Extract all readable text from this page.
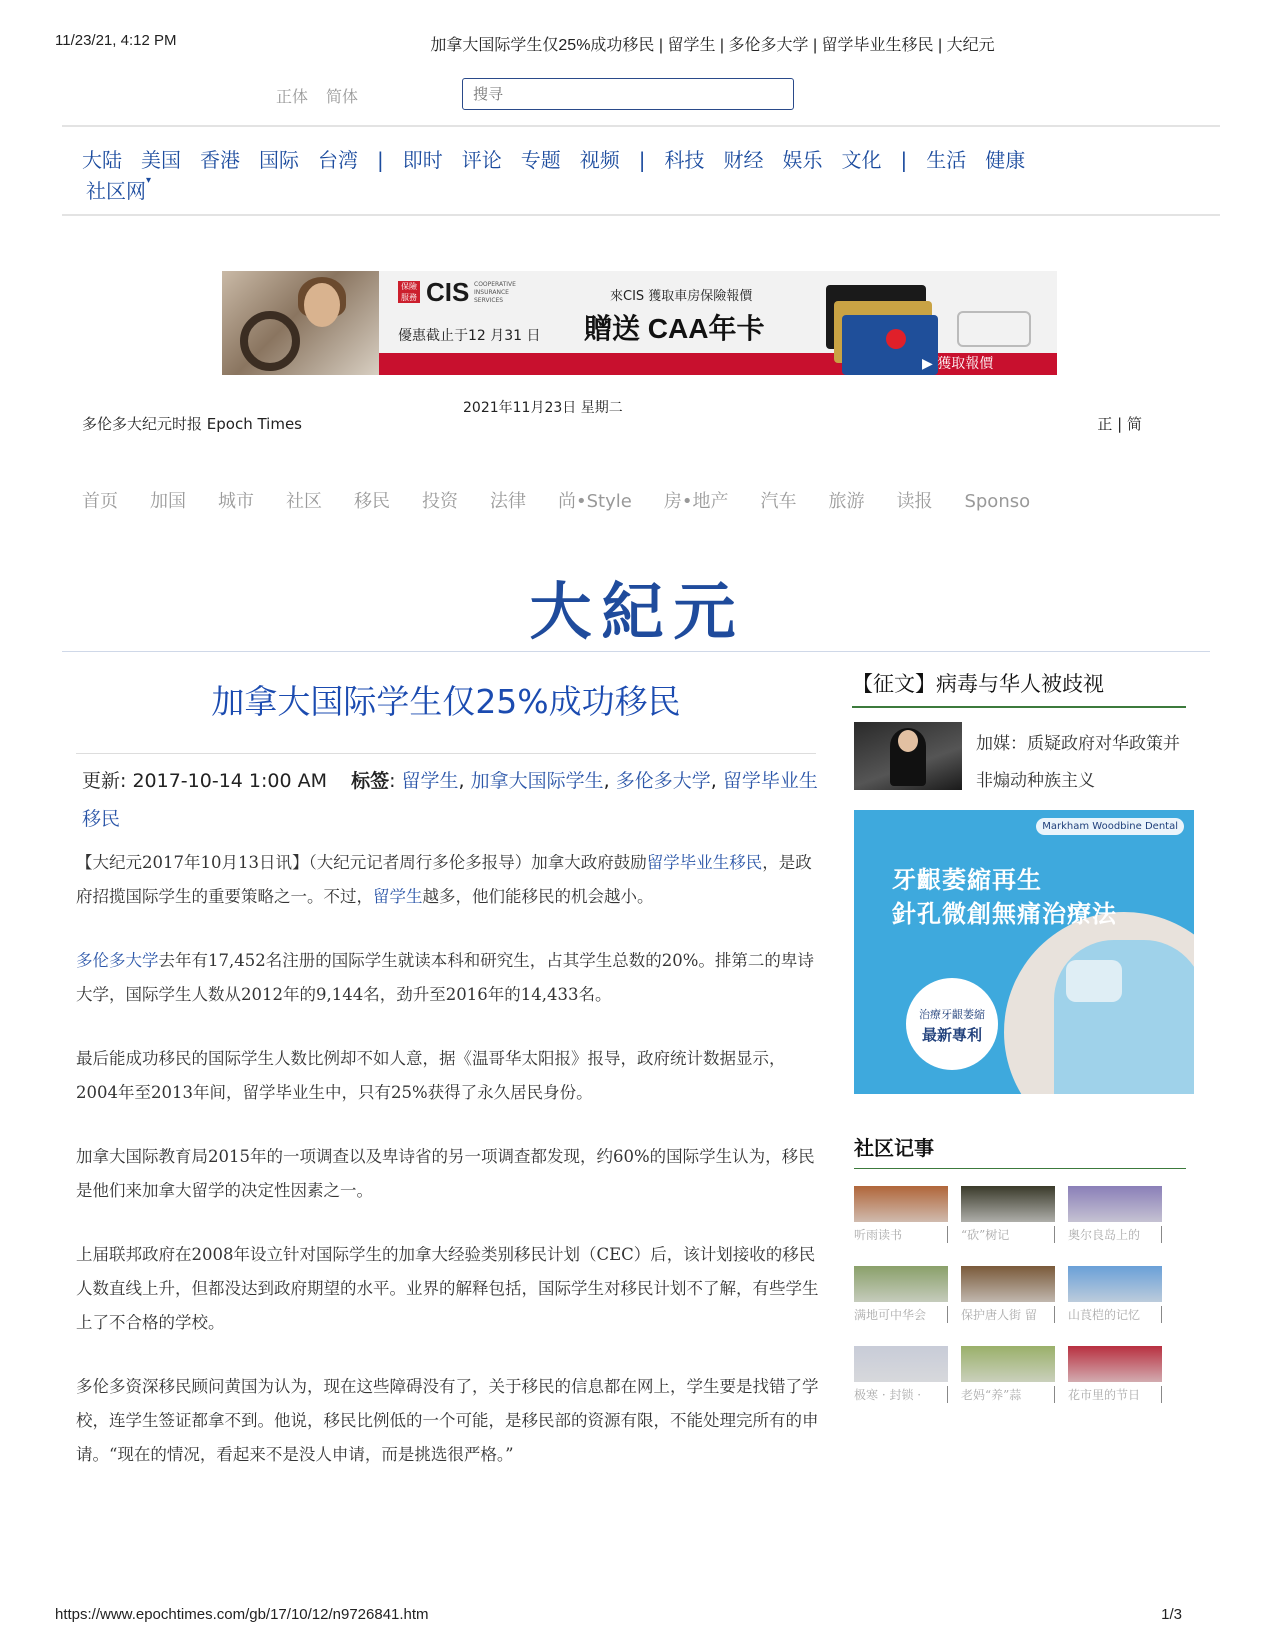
11/23/21, 4:12 PM	加拿大国际学生仅25%成功移民 | 留学生 | 多伦多大学 | 留学毕业生移民 | 大纪元
https://www.epochtimes.com/gb/17/10/12/n9726841.htm	1/3
正体 简体
搜寻
大陆 美国 香港 国际 台湾 | 即时 评论 专题 视频 | 科技 财经 娱乐 文化 | 生活 健康
社区网▾
保險 服務 CIS COOPERATIVE INSURANCE SERVICES
優惠截止于12 月31 日
來CIS 獲取車房保險報價
贈送 CAA年卡
▶ 獲取報價
多伦多大纪元时报 Epoch Times
2021年11月23日 星期二
正 | 简
首页 加国 城市 社区 移民 投资 法律 尚•Style 房•地产 汽车 旅游 读报 Sponso
大紀元
加拿大国际学生仅25%成功移民
更新: 2017-10-14 1:00 AM 标签: 留学生, 加拿大国际学生, 多伦多大学, 留学毕业生移民

【大纪元2017年10月13日讯】（大纪元记者周行多伦多报导）加拿大政府鼓励留学毕业生移民，是政府招揽国际学生的重要策略之一。不过，留学生越多，他们能移民的机会越小。

多伦多大学去年有17,452名注册的国际学生就读本科和研究生，占其学生总数的20%。排第二的卑诗大学，国际学生人数从2012年的9,144名，劲升至2016年的14,433名。

最后能成功移民的国际学生人数比例却不如人意，据《温哥华太阳报》报导，政府统计数据显示，2004年至2013年间，留学毕业生中，只有25%获得了永久居民身份。

加拿大国际教育局2015年的一项调查以及卑诗省的另一项调查都发现，约60%的国际学生认为，移民是他们来加拿大留学的决定性因素之一。

上届联邦政府在2008年设立针对国际学生的加拿大经验类别移民计划（CEC）后，该计划接收的移民人数直线上升，但都没达到政府期望的水平。业界的解释包括，国际学生对移民计划不了解，有些学生上了不合格的学校。

多伦多资深移民顾问黄国为认为，现在这些障碍没有了，关于移民的信息都在网上，学生要是找错了学校，连学生签证都拿不到。他说，移民比例低的一个可能，是移民部的资源有限，不能处理完所有的申请。“现在的情况，看起来不是没人申请，而是挑选很严格。”

【征文】病毒与华人被歧视
加媒：质疑政府对华政策并非煽动种族主义
Markham Woodbine Dental
牙齦萎縮再生
針孔微創無痛治療法
治療牙齦萎縮
最新專利
社区记事
听雨读书	“砍”树记	奥尔良岛上的
满地可中华会	保护唐人街 留	山茛桤的记忆
极寒 · 封锁 ·	老妈“养”蒜	花市里的节日
